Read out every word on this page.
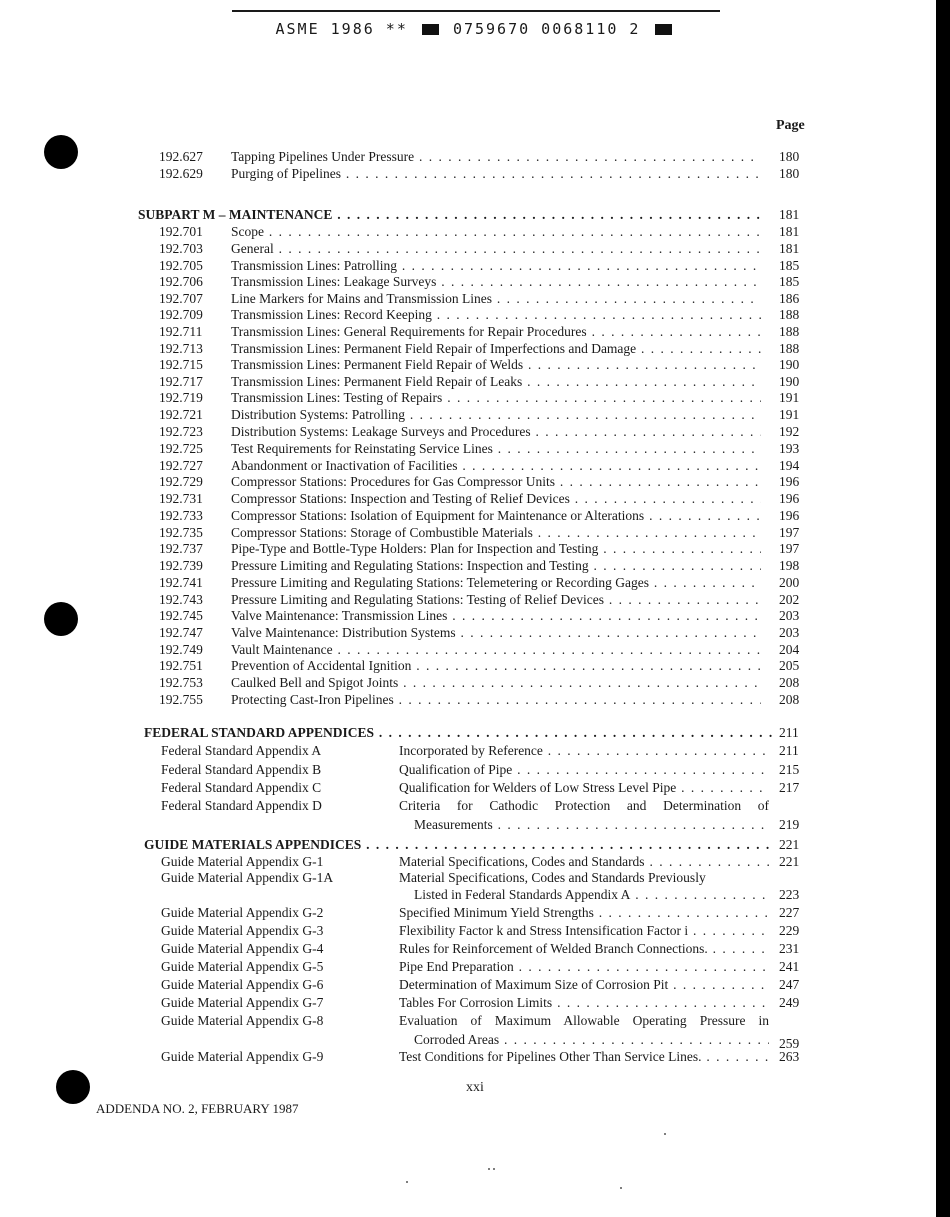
ASME 1986 **	0759670 0068110 2
Page
192.627 Tapping Pipelines Under Pressure . . .	180
192.629 Purging of Pipelines . . .	180
SUBPART M – MAINTENANCE . . .	181
192.701 Scope . . .	181
192.703 General . . .	181
192.705 Transmission Lines: Patrolling . . .	185
192.706 Transmission Lines: Leakage Surveys . . .	185
192.707 Line Markers for Mains and Transmission Lines . . .	186
192.709 Transmission Lines: Record Keeping . . .	188
192.711 Transmission Lines: General Requirements for Repair Procedures . . .	188
192.713 Transmission Lines: Permanent Field Repair of Imperfections and Damage . . .	188
192.715 Transmission Lines: Permanent Field Repair of Welds . . .	190
192.717 Transmission Lines: Permanent Field Repair of Leaks . . .	190
192.719 Transmission Lines: Testing of Repairs . . .	191
192.721 Distribution Systems: Patrolling . . .	191
192.723 Distribution Systems: Leakage Surveys and Procedures . . .	192
192.725 Test Requirements for Reinstating Service Lines . . .	193
192.727 Abandonment or Inactivation of Facilities . . .	194
192.729 Compressor Stations: Procedures for Gas Compressor Units . . .	196
192.731 Compressor Stations: Inspection and Testing of Relief Devices . . .	196
192.733 Compressor Stations: Isolation of Equipment for Maintenance or Alterations . . .	196
192.735 Compressor Stations: Storage of Combustible Materials . . .	197
192.737 Pipe-Type and Bottle-Type Holders: Plan for Inspection and Testing . . .	197
192.739 Pressure Limiting and Regulating Stations: Inspection and Testing . . .	198
192.741 Pressure Limiting and Regulating Stations: Telemetering or Recording Gages . . .	200
192.743 Pressure Limiting and Regulating Stations: Testing of Relief Devices . . .	202
192.745 Valve Maintenance: Transmission Lines . . .	203
192.747 Valve Maintenance: Distribution Systems . . .	203
192.749 Vault Maintenance . . .	204
192.751 Prevention of Accidental Ignition . . .	205
192.753 Caulked Bell and Spigot Joints . . .	208
192.755 Protecting Cast-Iron Pipelines . . .	208
FEDERAL STANDARD APPENDICES . . .	211
Federal Standard Appendix A	Incorporated by Reference . . .	211
Federal Standard Appendix B	Qualification of Pipe . . .	215
Federal Standard Appendix C	Qualification for Welders of Low Stress Level Pipe . . .	217
Federal Standard Appendix D	Criteria for Cathodic Protection and Determination of
Measurements . . .	219
GUIDE MATERIALS APPENDICES . . .	221
Guide Material Appendix G-1	Material Specifications, Codes and Standards . . .	221
Guide Material Appendix G-1A	Material Specifications, Codes and Standards Previously
Listed in Federal Standards Appendix A . . .	223
Guide Material Appendix G-2	Specified Minimum Yield Strengths . . .	227
Guide Material Appendix G-3	Flexibility Factor k and Stress Intensification Factor i . . .	229
Guide Material Appendix G-4	Rules for Reinforcement of Welded Branch Connections. . . .	231
Guide Material Appendix G-5	Pipe End Preparation . . .	241
Guide Material Appendix G-6	Determination of Maximum Size of Corrosion Pit . . .	247
Guide Material Appendix G-7	Tables For Corrosion Limits . . .	249
Guide Material Appendix G-8	Evaluation of Maximum Allowable Operating Pressure in
Corroded Areas . . .	259
Guide Material Appendix G-9	Test Conditions for Pipelines Other Than Service Lines. . . .	263
xxi
ADDENDA NO. 2, FEBRUARY 1987
